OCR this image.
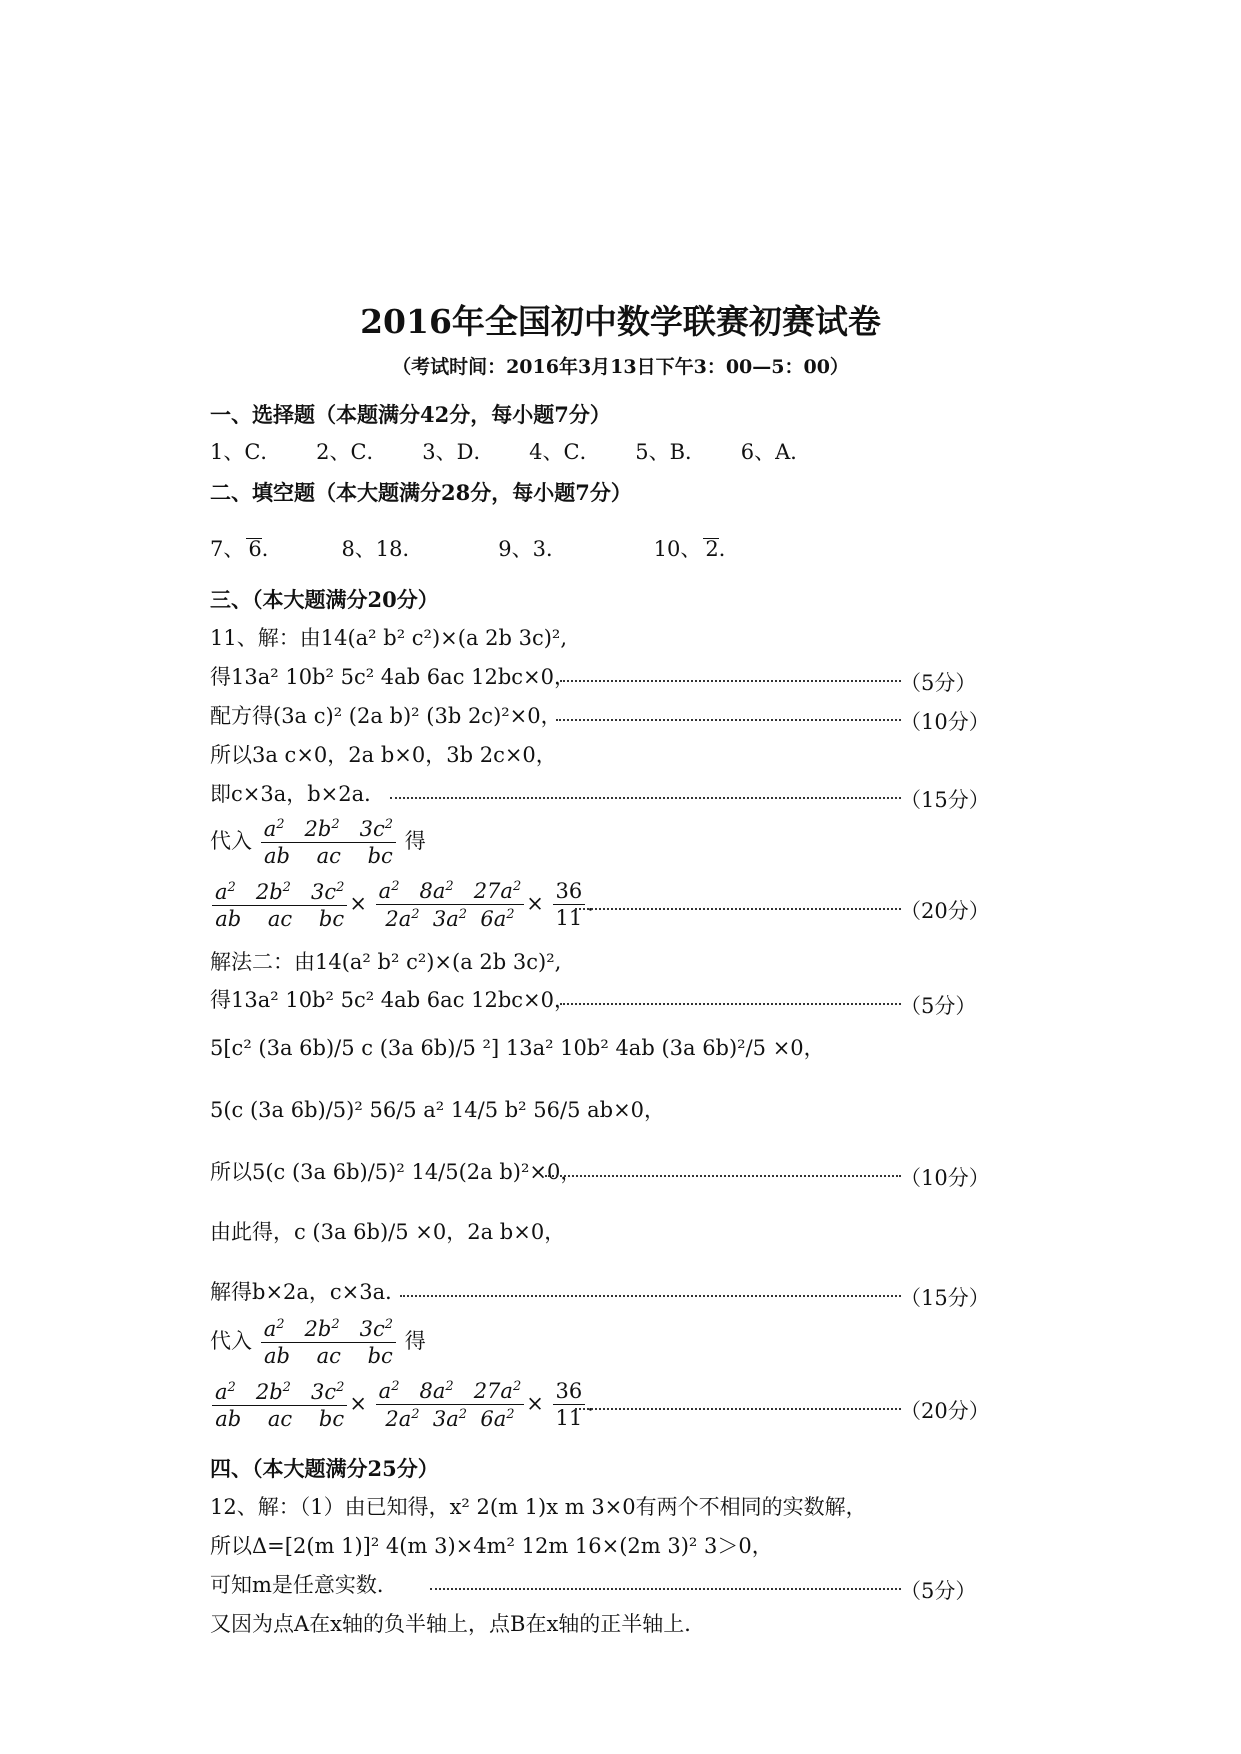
2016年全国初中数学联赛初赛试卷
（考试时间：2016年3月13日下午3：00—5：00）
一、选择题（本题满分42分，每小题7分）
1、C． 2、C． 3、D． 4、C． 5、B． 6、A．
二、填空题（本大题满分28分，每小题7分）
7、 6．	8、18．	9、3．	10、 2．
三、（本大题满分20分）
11、解：由14(a² b² c²)×(a 2b 3c)²,
得13a² 10b² 5c² 4ab 6ac 12bc×0，	（5分）
配方得(3a c)² (2a b)² (3b 2c)²×0，	（10分）
所以3a c×0，2a b×0，3b 2c×0，
即c×3a，b×2a．	（15分）
代入 $\frac{a^2 2b^2 3c^2}{\text{ab    ac    bc}}$ 得
$\frac{a^2 2b^2 3c^2}{\text{ab    ac    bc}} \times \frac{a^2 8a^2 27a^2}{2a^2 3a^2 6a^2} \times \frac{36}{11}$ ．	（20分）
解法二：由14(a² b² c²)×(a 2b 3c)²,
得13a² 10b² 5c² 4ab 6ac 12bc×0，	（5分）
5[c² (3a 6b)/5 c (3a 6b)/5 ²] 13a² 10b² 4ab (3a 6b)²/5 ×0，
5(c (3a 6b)/5)² 56/5 a² 14/5 b² 56/5 ab×0，
所以5(c (3a 6b)/5)² 14/5(2a b)²×0，	（10分）
由此得，c (3a 6b)/5 ×0，2a b×0，
解得b×2a，c×3a．	（15分）
代入 $\frac{a^2 2b^2 3c^2}{\text{ab    ac    bc}}$ 得
$\frac{a^2 2b^2 3c^2}{\text{ab    ac    bc}} \times \frac{a^2 8a^2 27a^2}{2a^2 3a^2 6a^2} \times \frac{36}{11}$ ．	（20分）
四、（本大题满分25分）
12、解：（1）由已知得，x² 2(m 1)x m 3×0有两个不相同的实数解，
所以Δ=[2(m 1)]² 4(m 3)×4m² 12m 16×(2m 3)² 3＞0，
可知m是任意实数．	（5分）
又因为点A在x轴的负半轴上，点B在x轴的正半轴上．
